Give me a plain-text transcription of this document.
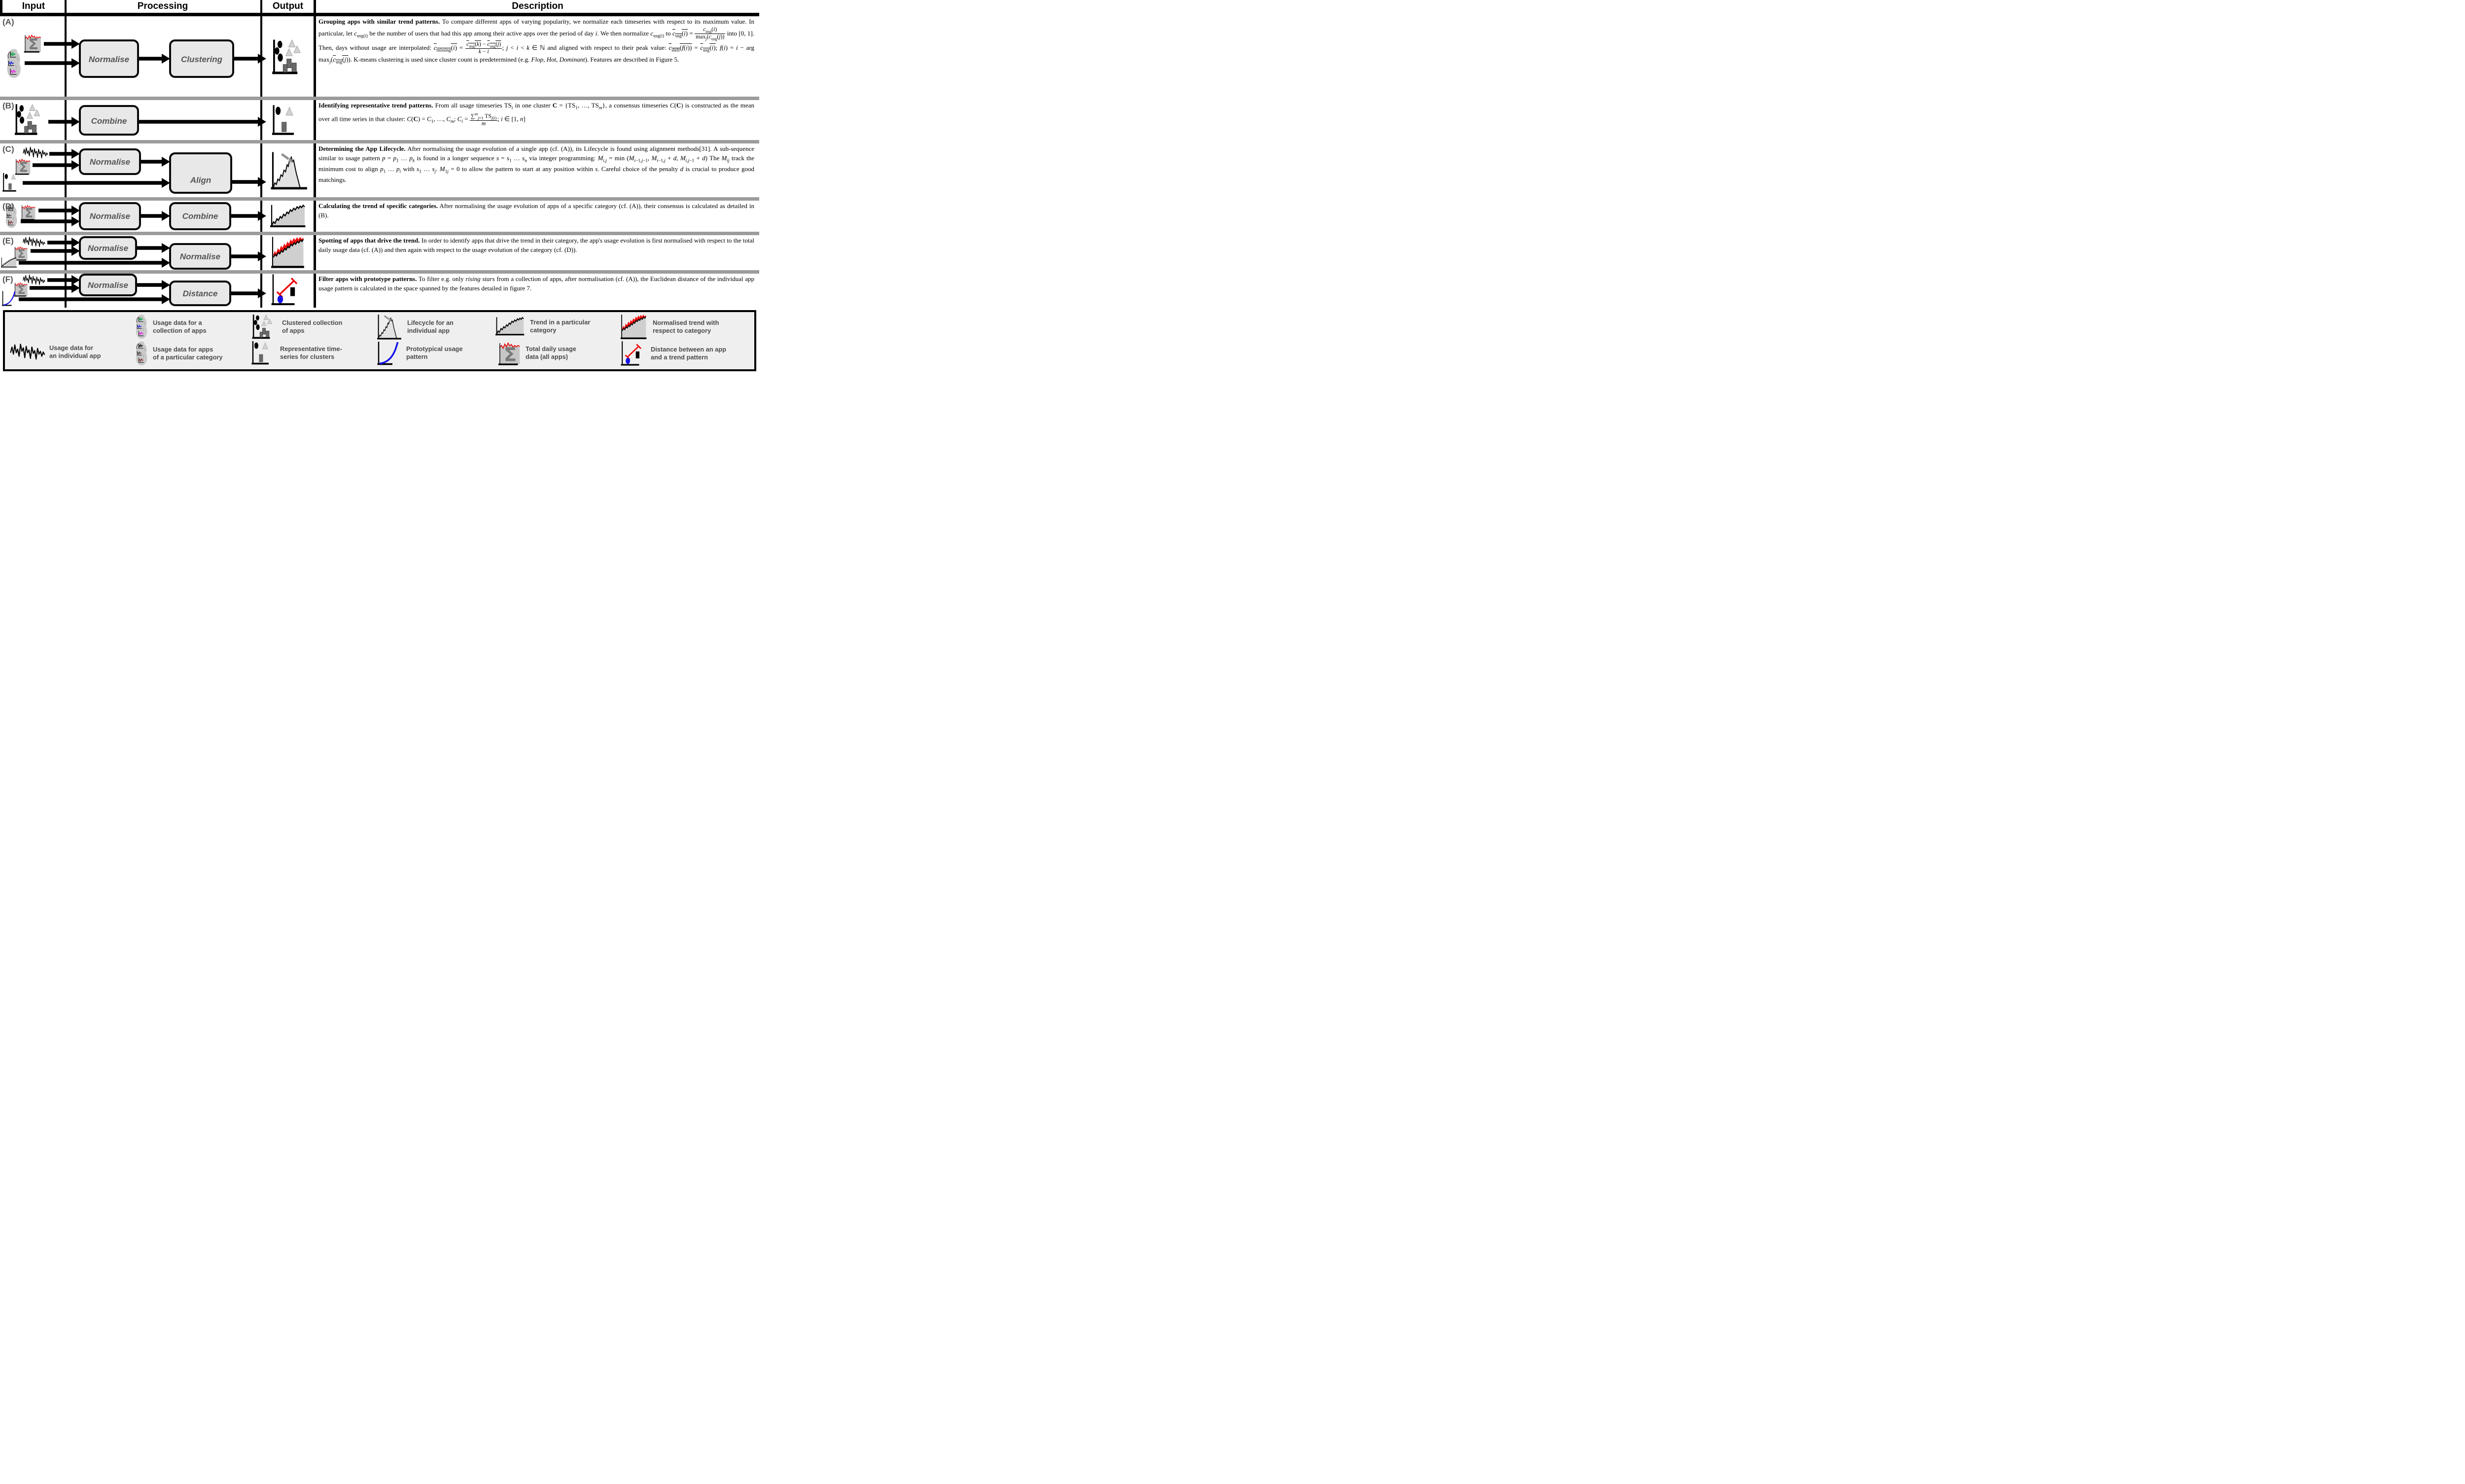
Input	Processing	Output	Description
(A)
Normalise	Clustering
Grouping apps with similar trend patterns. To compare different apps of varying popularity, we normalize each timeseries with respect to its maximum value. In particular, let $c_{usg(i)}$ be the number of users that had this app among their active apps over the period of day i. We then normalize $c_{usg(i)}$ to $c_{usg}(i) = \frac{c_{usg}(i)}{\max_j(c_{usg}(j))}$ into [0, 1]. Then, days without usage are interpolated: $c_{missing}(i) = \frac{c_{usg}(k) - c_{usg}(j)}{k - i}$ ; j < i < k ∈ ℕ and aligned with respect to their peak value: $c_{shift}(f(i)) = c_{usg}(i)$; f(i) = i − arg $\max_j(c_{usg}(j))$. K-means clustering is used since cluster count is predetermined (e.g. Flop, Hot, Dominant). Features are described in Figure 5.
(B)
Combine
Identifying representative trend patterns. From all usage timeseries $TS_i$ in one cluster $C = \{TS_1$, …, $TS_m$}, a consensus timeseries C(C) is constructed as the mean over all time series in that cluster: $C(C) = C_1$, …, $C_m$; $C_i = \frac{\sum^m_{j=1} TS_{j(i)}}{m}$ ; i ∈ [1, n]
(C)
Normalise
Align
Determining the App Lifecycle. After normalising the usage evolution of a single app (cf. (A)), its Lifecycle is found using alignment methods[31]. A sub-sequence similar to usage pattern $p = p_1$ … $p_k$ is found in a longer sequence $s = s_1$ … $s_n$ via integer programming: $M_{i,j} = \min (M_{i-1,j-1}$, $M_{i-1,j} + d$, $M_{i,j-1} + d$) The $M_{ij}$ track the minimum cost to align $p_1$ … $p_i$ with $s_1$ … $s_j$. $M_{1j} = 0$ to allow the pattern to start at any position within s. Careful choice of the penalty d is crucial to produce good matchings.
(D)
Normalise	Combine
Calculating the trend of specific categories. After normalising the usage evolution of apps of a specific category (cf. (A)), their consensus is calculated as detailed in (B).
(E)
Normalise
Normalise
Spotting of apps that drive the trend. In order to identify apps that drive the trend in their category, the app's usage evolution is first normalised with respect to the total daily usage data (cf. (A)) and then again with respect to the usage evolution of the category (cf. (D)).
(F)
Normalise
Distance
Filter apps with prototype patterns. To filter e.g. only rising stars from a collection of apps, after normalisation (cf. (A)), the Euclidean distance of the individual app usage pattern is calculated in the space spanned by the features detailed in figure 7.
Usage data for
an individual app
Usage data for a
collection of apps
Usage data for apps
of a particular category
Clustered collection
of apps
Representative time-
series for clusters
Lifecycle for an
individual app
Prototypical usage
pattern
Trend in a particular
category
Total daily usage
data (all apps)
Normalised trend with
respect to category
Distance between an app
and a trend pattern
